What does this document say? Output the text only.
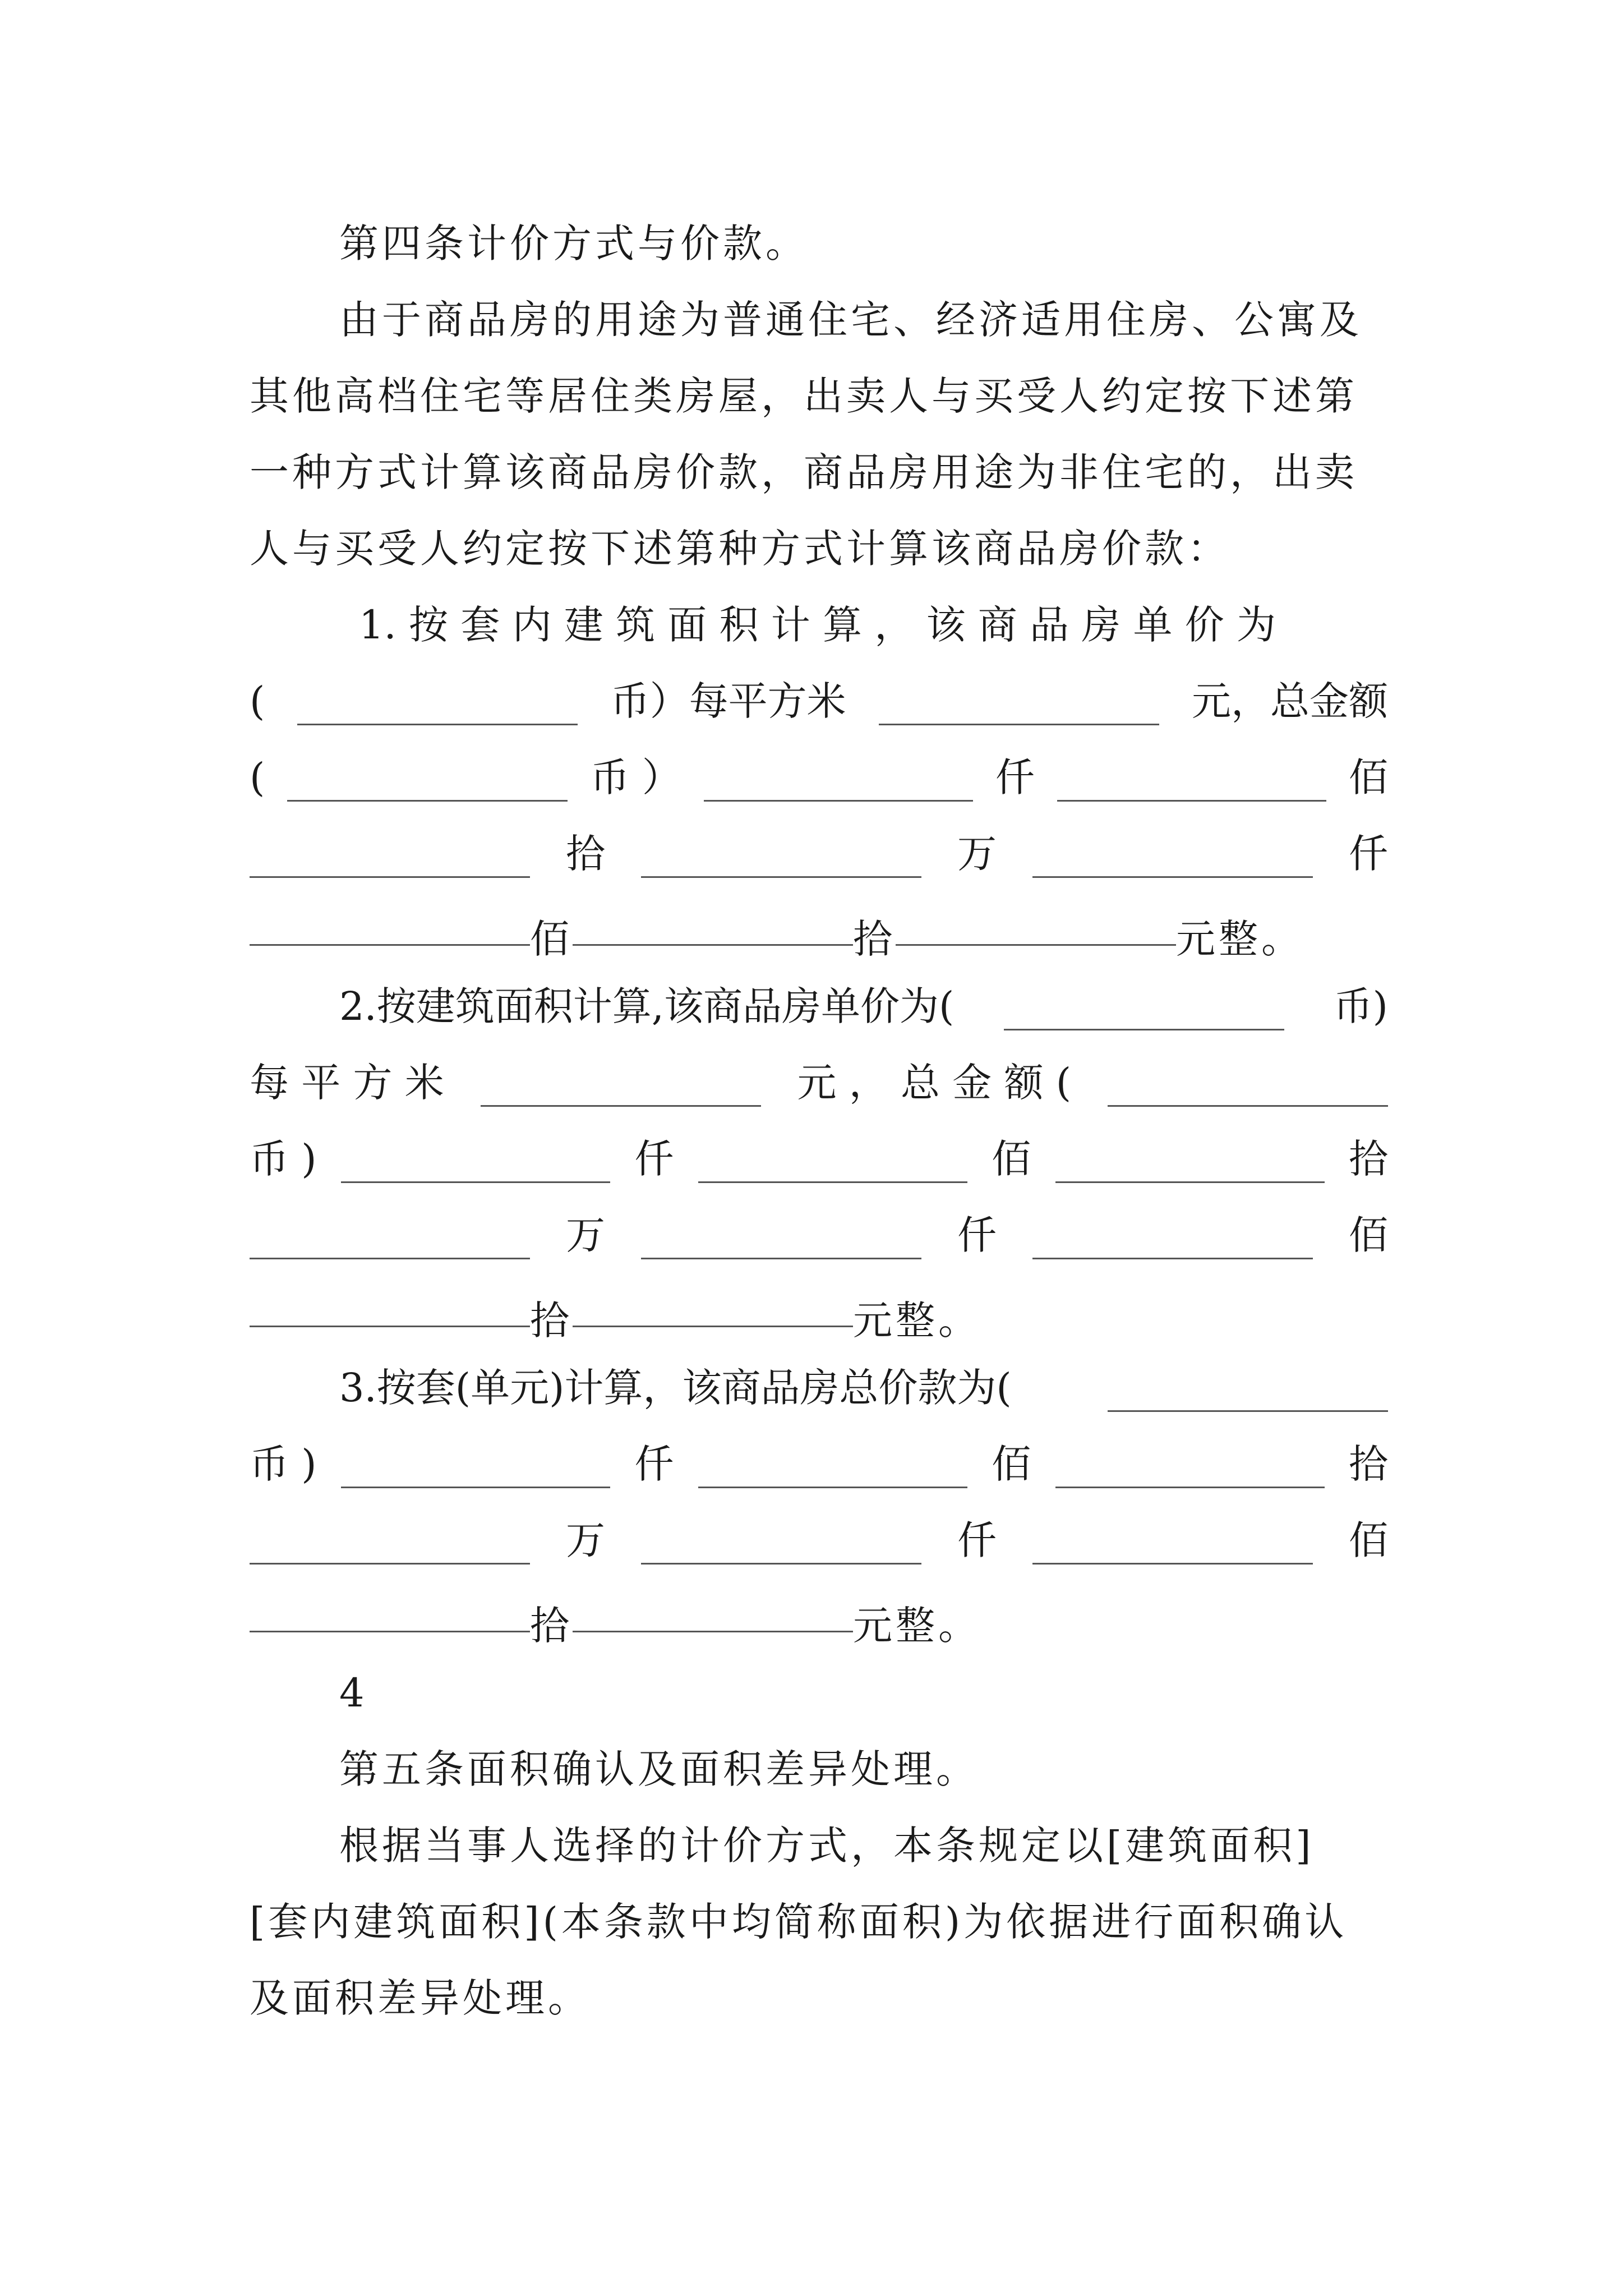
第四条计价方式与价款。
由于商品房的用途为普通住宅、经济适用住房、公寓及
其他高档住宅等居住类房屋，出卖人与买受人约定按下述第
一种方式计算该商品房价款，商品房用途为非住宅的，出卖
人与买受人约定按下述第种方式计算该商品房价款：
1. 按 套 内 建 筑 面 积 计 算 ， 该 商 品 房 单 价 为
(	币）每平方米	元，总金额
(	币 ）	仟	佰
拾	万	仟
佰	拾	元整。
2.按建筑面积计算,该商品房单价为(	币)
每 平 方 米	元 ， 总 金 额 (
币 )	仟	佰	拾
万	仟	佰
拾	元整。
3.按套(单元)计算，该商品房总价款为(
币 )	仟	佰	拾
万	仟	佰
拾	元整。
4
第五条面积确认及面积差异处理。
根据当事人选择的计价方式，本条规定以[建筑面积]
[套内建筑面积](本条款中均简称面积)为依据进行面积确认
及面积差异处理。
